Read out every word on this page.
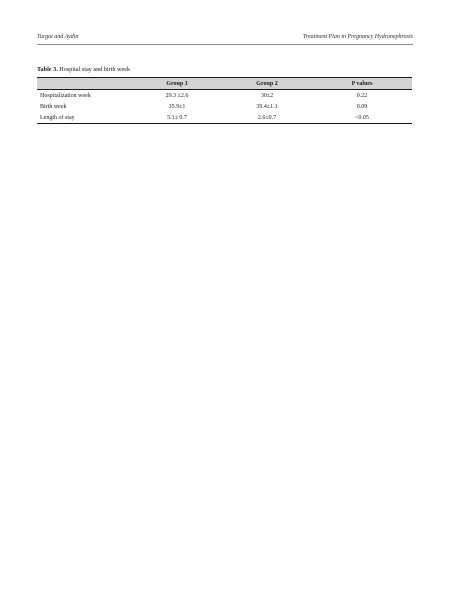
Turgut and Aydin	Treatment Plan in Pregnancy Hydronephrosis
Table 3. Hospital stay and birth week
	Group 1	Group 2	P values
Hospitalization week	29.3 ±2.6	30±2	0.22
Birth week	35.9±1	39.4±1.1	0.09
Length of stay	5.1± 0.7	2.6±0.7	<0.05
